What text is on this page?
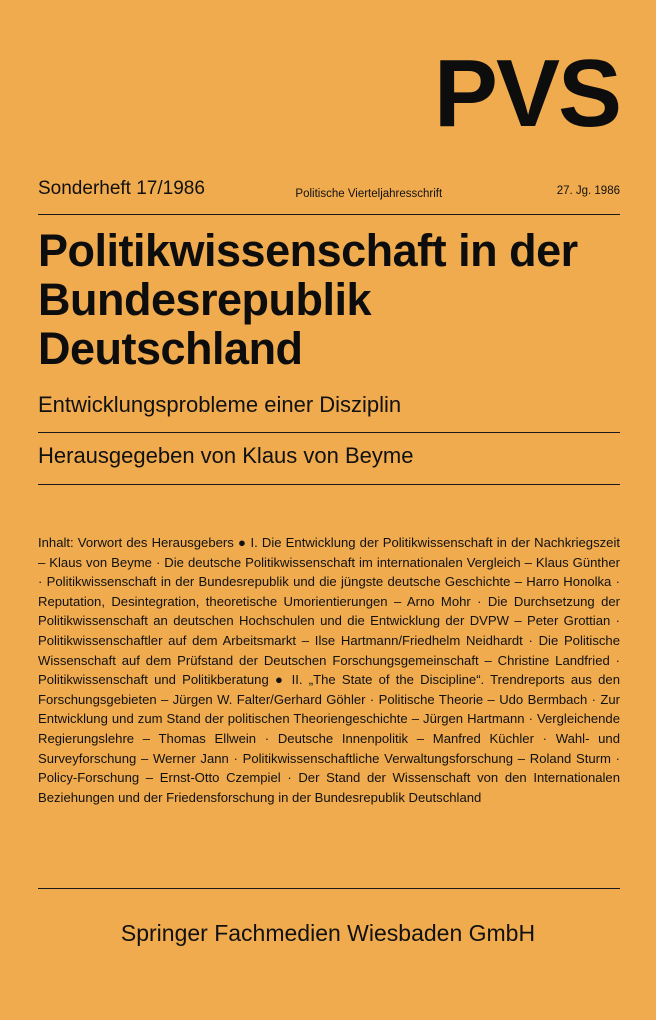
PVS
Sonderheft 17/1986	Politische Vierteljahresschrift	27. Jg. 1986
Politikwissenschaft in der Bundesrepublik Deutschland
Entwicklungsprobleme einer Disziplin
Herausgegeben von Klaus von Beyme
Inhalt: Vorwort des Herausgebers ● I. Die Entwicklung der Politikwissenschaft in der Nachkriegszeit – Klaus von Beyme · Die deutsche Politikwissenschaft im internationalen Vergleich – Klaus Günther · Politikwissenschaft in der Bundesrepublik und die jüngste deutsche Geschichte – Harro Honolka · Reputation, Desintegration, theoretische Umorientierungen – Arno Mohr · Die Durchsetzung der Politikwissenschaft an deutschen Hochschulen und die Entwicklung der DVPW – Peter Grottian · Politikwissenschaftler auf dem Arbeitsmarkt – Ilse Hartmann/Friedhelm Neidhardt · Die Politische Wissenschaft auf dem Prüfstand der Deutschen Forschungsgemeinschaft – Christine Landfried · Politikwissenschaft und Politikberatung ● II. „The State of the Discipline“. Trendreports aus den Forschungsgebieten – Jürgen W. Falter/Gerhard Göhler · Politische Theorie – Udo Bermbach · Zur Entwicklung und zum Stand der politischen Theoriengeschichte – Jürgen Hartmann · Vergleichende Regierungslehre – Thomas Ellwein · Deutsche Innenpolitik – Manfred Küchler · Wahl- und Surveyforschung – Werner Jann · Politikwissenschaftliche Verwaltungsforschung – Roland Sturm · Policy-Forschung – Ernst-Otto Czempiel · Der Stand der Wissenschaft von den Internationalen Beziehungen und der Friedensforschung in der Bundesrepublik Deutschland
Springer Fachmedien Wiesbaden GmbH
